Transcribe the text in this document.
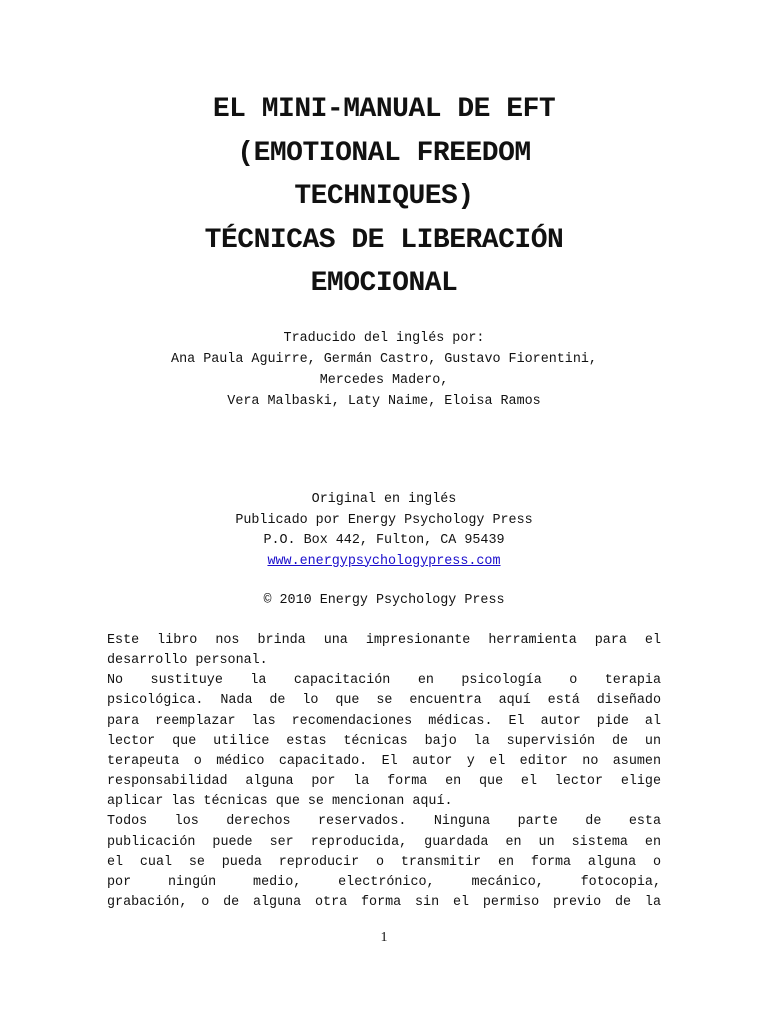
EL MINI-MANUAL DE EFT
(EMOTIONAL FREEDOM
TECHNIQUES)
TÉCNICAS DE LIBERACIÓN
EMOCIONAL
Traducido del inglés por:
Ana Paula Aguirre, Germán Castro, Gustavo Fiorentini,
Mercedes Madero,
Vera Malbaski, Laty Naime, Eloisa Ramos
Original en inglés
Publicado por Energy Psychology Press
P.O. Box 442, Fulton, CA 95439
www.energypsychologypress.com
© 2010 Energy Psychology Press
Este libro nos brinda una impresionante herramienta para el
desarrollo personal.
No sustituye la capacitación en psicología o terapia
psicológica. Nada de lo que se encuentra aquí está diseñado
para reemplazar las recomendaciones médicas. El autor pide al
lector que utilice estas técnicas bajo la supervisión de un
terapeuta o médico capacitado. El autor y el editor no asumen
responsabilidad alguna por la forma en que el lector elige
aplicar las técnicas que se mencionan aquí.
Todos los derechos reservados. Ninguna parte de esta
publicación puede ser reproducida, guardada en un sistema en
el cual se pueda reproducir o transmitir en forma alguna o
por ningún medio, electrónico, mecánico, fotocopia,
grabación, o de alguna otra forma sin el permiso previo de la
1
